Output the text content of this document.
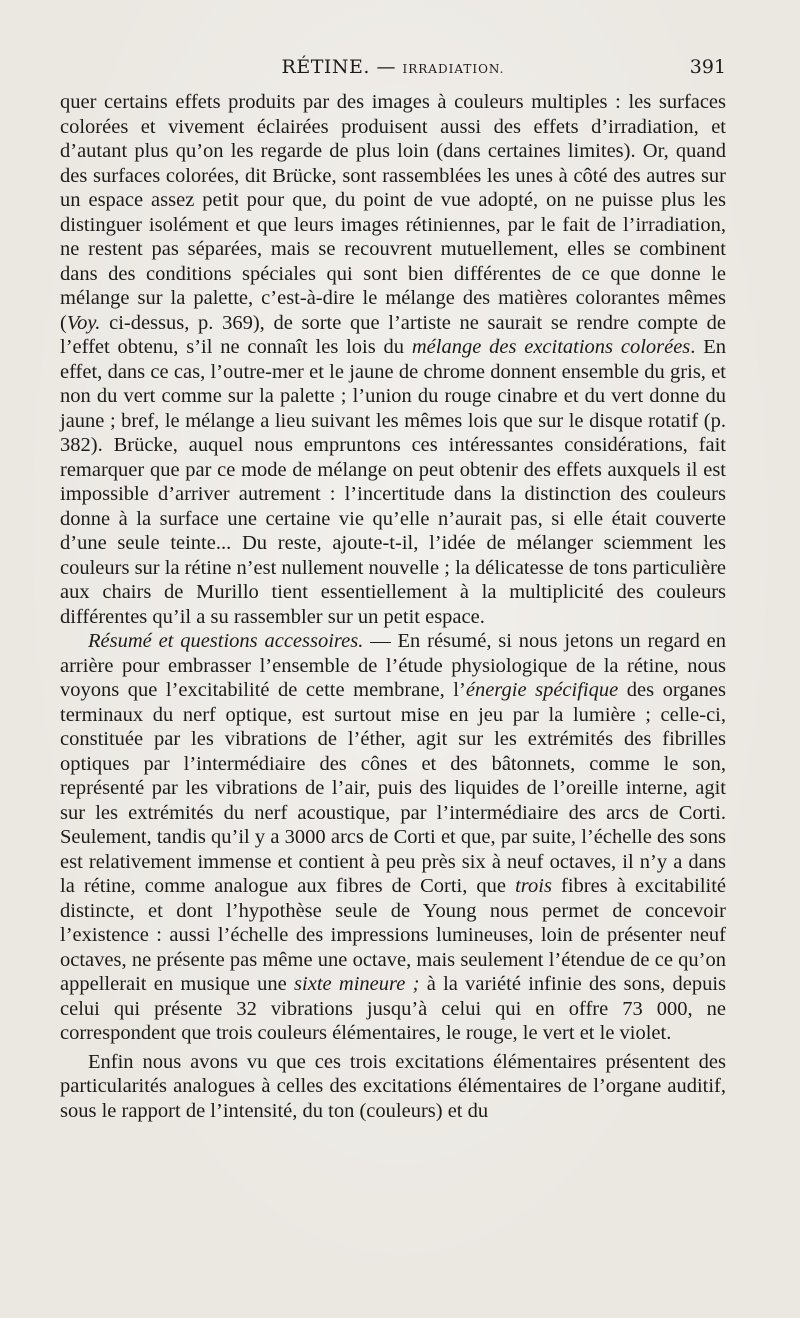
RÉTINE. — IRRADIATION.	391

quer certains effets produits par des images à couleurs multiples : les surfaces colorées et vivement éclairées produisent aussi des effets d’irradiation, et d’autant plus qu’on les regarde de plus loin (dans certaines limites). Or, quand des surfaces colorées, dit Brücke, sont rassemblées les unes à côté des autres sur un espace assez petit pour que, du point de vue adopté, on ne puisse plus les distinguer isolément et que leurs images rétiniennes, par le fait de l’irradiation, ne restent pas séparées, mais se recouvrent mutuellement, elles se combinent dans des conditions spéciales qui sont bien différentes de ce que donne le mélange sur la palette, c’est-à-dire le mélange des matières colorantes mêmes (Voy. ci-dessus, p. 369), de sorte que l’artiste ne saurait se rendre compte de l’effet obtenu, s’il ne connaît les lois du mélange des excitations colorées. En effet, dans ce cas, l’outre-mer et le jaune de chrome donnent ensemble du gris, et non du vert comme sur la palette ; l’union du rouge cinabre et du vert donne du jaune ; bref, le mélange a lieu suivant les mêmes lois que sur le disque rotatif (p. 382). Brücke, auquel nous empruntons ces intéressantes considérations, fait remarquer que par ce mode de mélange on peut obtenir des effets auxquels il est impossible d’arriver autrement : l’incertitude dans la distinction des couleurs donne à la surface une certaine vie qu’elle n’aurait pas, si elle était couverte d’une seule teinte... Du reste, ajoute-t-il, l’idée de mélanger sciemment les couleurs sur la rétine n’est nullement nouvelle ; la délicatesse de tons particulière aux chairs de Murillo tient essentiellement à la multiplicité des couleurs différentes qu’il a su rassembler sur un petit espace.

Résumé et questions accessoires. — En résumé, si nous jetons un regard en arrière pour embrasser l’ensemble de l’étude physiologique de la rétine, nous voyons que l’excitabilité de cette membrane, l’énergie spécifique des organes terminaux du nerf optique, est surtout mise en jeu par la lumière ; celle-ci, constituée par les vibrations de l’éther, agit sur les extrémités des fibrilles optiques par l’intermédiaire des cônes et des bâtonnets, comme le son, représenté par les vibrations de l’air, puis des liquides de l’oreille interne, agit sur les extrémités du nerf acoustique, par l’intermédiaire des arcs de Corti. Seulement, tandis qu’il y a 3000 arcs de Corti et que, par suite, l’échelle des sons est relativement immense et contient à peu près six à neuf octaves, il n’y a dans la rétine, comme analogue aux fibres de Corti, que trois fibres à excitabilité distincte, et dont l’hypothèse seule de Young nous permet de concevoir l’existence : aussi l’échelle des impressions lumineuses, loin de présenter neuf octaves, ne présente pas même une octave, mais seulement l’étendue de ce qu’on appellerait en musique une sixte mineure ; à la variété infinie des sons, depuis celui qui présente 32 vibrations jusqu’à celui qui en offre 73 000, ne correspondent que trois couleurs élémentaires, le rouge, le vert et le violet.

Enfin nous avons vu que ces trois excitations élémentaires présentent des particularités analogues à celles des excitations élémentaires de l’organe auditif, sous le rapport de l’intensité, du ton (couleurs) et du
